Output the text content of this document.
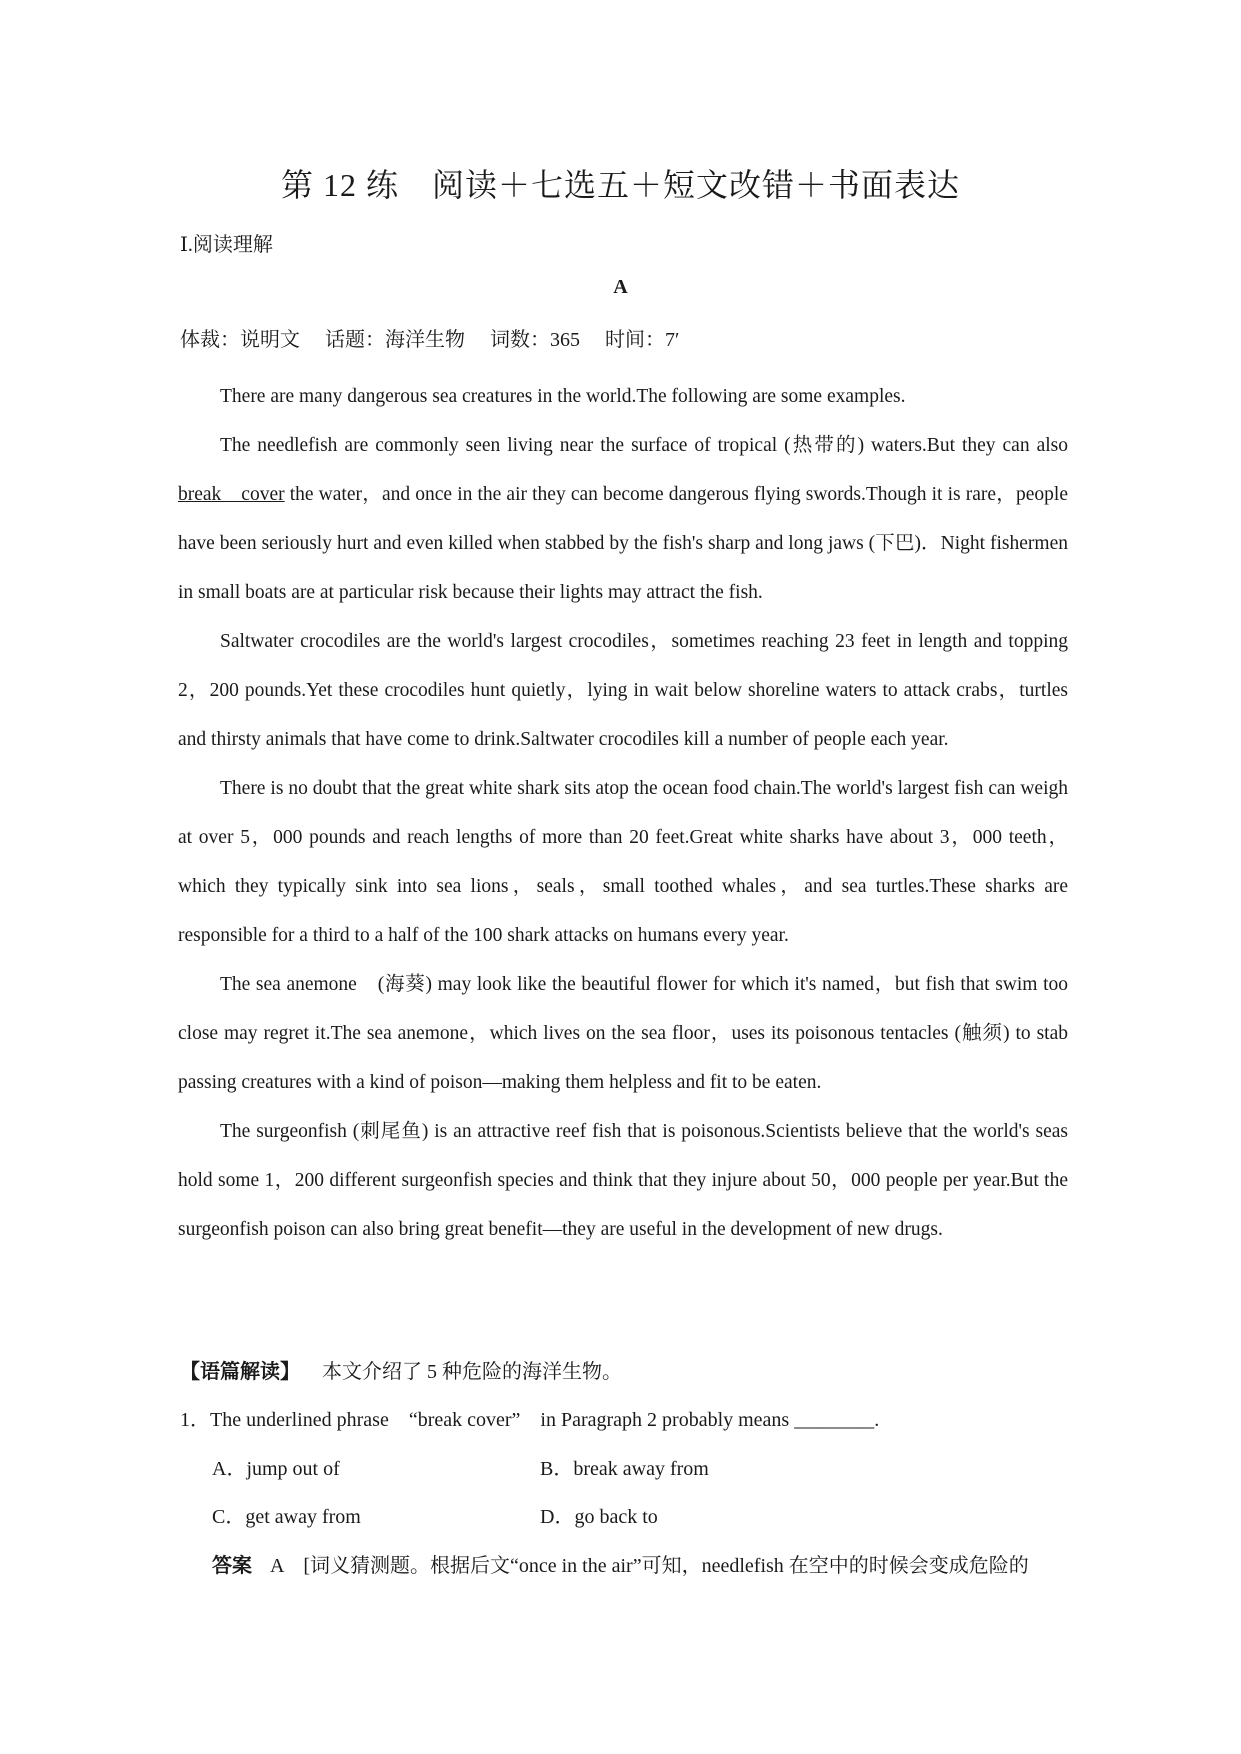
第 12 练　阅读＋七选五＋短文改错＋书面表达
Ⅰ.阅读理解
A
体裁：说明文 话题：海洋生物 词数：365 时间：7′

There are many dangerous sea creatures in the world.The following are some examples.

The needlefish are commonly seen living near the surface of tropical (热带的) waters.But they can also break　cover the water，and once in the air they can become dangerous flying swords.Though it is rare，people have been seriously hurt and even killed when stabbed by the fish's sharp and long jaws (下巴)．Night fishermen in small boats are at particular risk because their lights may attract the fish.

Saltwater crocodiles are the world's largest crocodiles，sometimes reaching 23 feet in length and topping 2，200 pounds.Yet these crocodiles hunt quietly，lying in wait below shoreline waters to attack crabs，turtles and thirsty animals that have come to drink.Saltwater crocodiles kill a number of people each year.

There is no doubt that the great white shark sits atop the ocean food chain.The world's largest fish can weigh at over 5，000 pounds and reach lengths of more than 20 feet.Great white sharks have about 3，000 teeth，which they typically sink into sea lions，seals，small toothed whales，and sea turtles.These sharks are responsible for a third to a half of the 100 shark attacks on humans every year.

The sea anemone　(海葵) may look like the beautiful flower for which it's named，but fish that swim too close may regret it.The sea anemone，which lives on the sea floor，uses its poisonous tentacles (触须) to stab passing creatures with a kind of poison—making them helpless and fit to be eaten.

The surgeonfish (刺尾鱼) is an attractive reef fish that is poisonous.Scientists believe that the world's seas hold some 1，200 different surgeonfish species and think that they injure about 50，000 people per year.But the surgeonfish poison can also bring great benefit—they are useful in the development of new drugs.

【语篇解读】 本文介绍了 5 种危险的海洋生物。
1．The underlined phrase　“break cover”　in Paragraph 2 probably means ________.
A．jump out of	B．break away from
C．get away from	D．go back to
答案 A　[词义猜测题。根据后文“once in the air”可知，needlefish 在空中的时候会变成危险的
